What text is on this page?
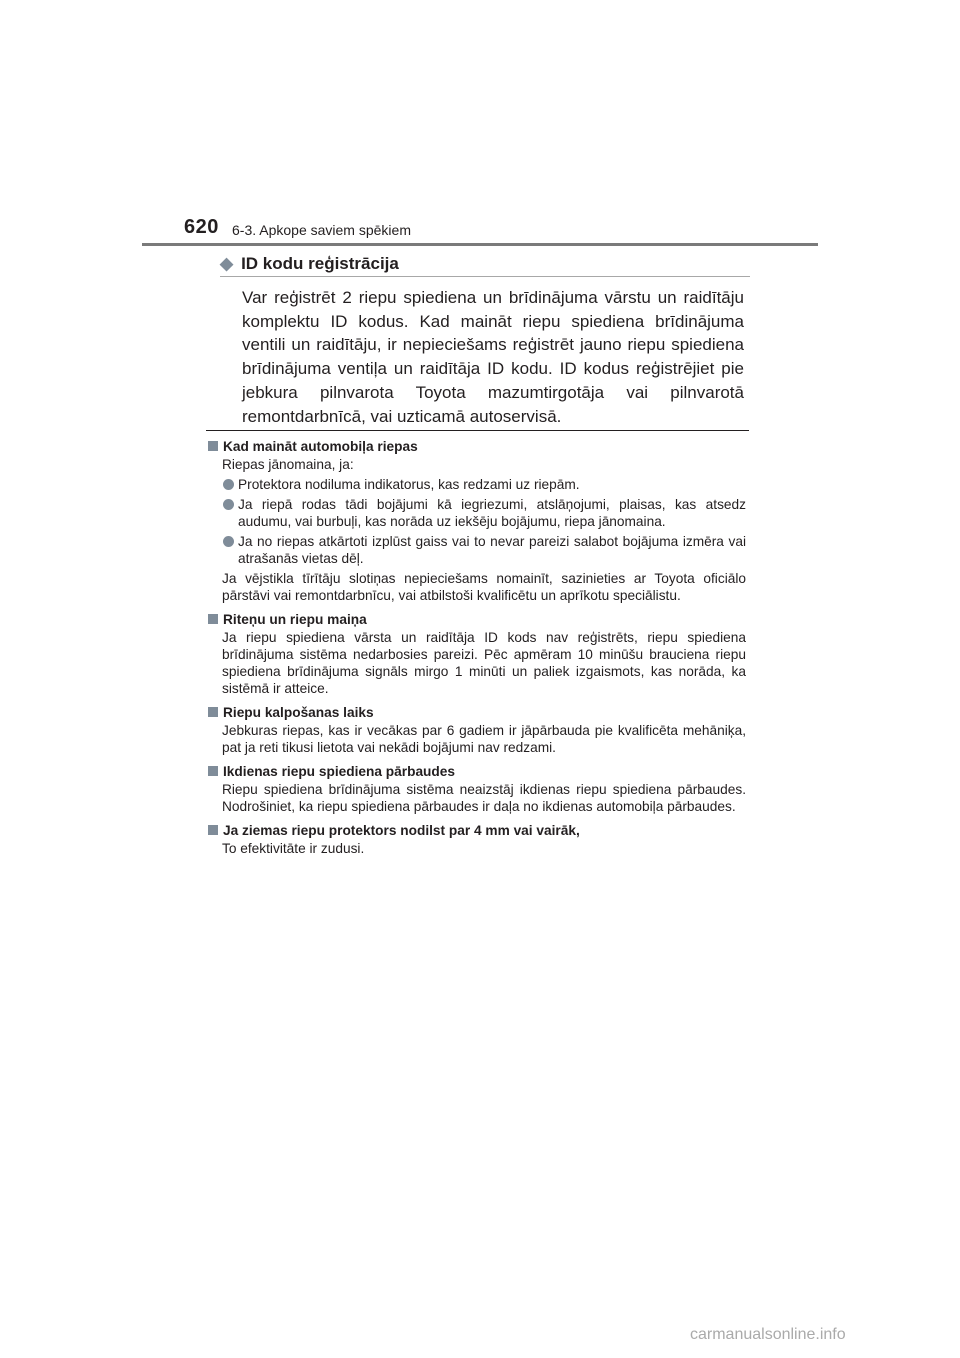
620 6-3. Apkope saviem spēkiem
◆ ID kodu reģistrācija

Var reģistrēt 2 riepu spiediena un brīdinājuma vārstu un raidītāju komplektu ID kodus. Kad maināt riepu spiediena brīdinājuma ventili un raidītāju, ir nepieciešams reģistrēt jauno riepu spiediena brīdinājuma ventiļa un raidītāja ID kodu. ID kodus reģistrējiet pie jebkura pilnvarota Toyota mazumtirgotāja vai pilnvarotā remontdarbnīcā, vai uzticamā autoservisā.

Kad maināt automobiļa riepas

Riepas jānomaina, ja:

Protektora nodiluma indikatorus, kas redzami uz riepām.
Ja riepā rodas tādi bojājumi kā iegriezumi, atslāņojumi, plaisas, kas atsedz audumu, vai burbuļi, kas norāda uz iekšēju bojājumu, riepa jānomaina.
Ja no riepas atkārtoti izplūst gaiss vai to nevar pareizi salabot bojājuma izmēra vai atrašanās vietas dēļ.

Ja vējstikla tīrītāju slotiņas nepieciešams nomainīt, sazinieties ar Toyota oficiālo pārstāvi vai remontdarbnīcu, vai atbilstoši kvalificētu un aprīkotu speciālistu.

Riteņu un riepu maiņa

Ja riepu spiediena vārsta un raidītāja ID kods nav reģistrēts, riepu spiediena brīdinājuma sistēma nedarbosies pareizi. Pēc apmēram 10 minūšu brauciena riepu spiediena brīdinājuma signāls mirgo 1 minūti un paliek izgaismots, kas norāda, ka sistēmā ir atteice.

Riepu kalpošanas laiks

Jebkuras riepas, kas ir vecākas par 6 gadiem ir jāpārbauda pie kvalificēta mehāniķa, pat ja reti tikusi lietota vai nekādi bojājumi nav redzami.

Ikdienas riepu spiediena pārbaudes

Riepu spiediena brīdinājuma sistēma neaizstāj ikdienas riepu spiediena pārbaudes. Nodrošiniet, ka riepu spiediena pārbaudes ir daļa no ikdienas automobiļa pārbaudes.

Ja ziemas riepu protektors nodilst par 4 mm vai vairāk,

To efektivitāte ir zudusi.

carmanualsonline.info
